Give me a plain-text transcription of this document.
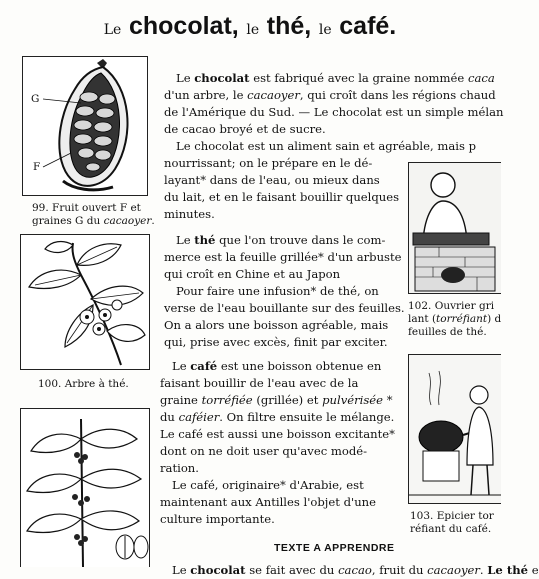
Le chocolat, le thé, le café.
G
F
99. Fruit ouvert F et
graines G du cacaoyer.
100. Arbre à thé.
102. Ouvrier gri
lant (torréfiant) d
feuilles de thé.
103. Epicier tor
réfiant du café.

Le chocolat est fabriqué avec la graine nommée caca

d'un arbre, le cacaoyer, qui croît dans les régions chaud

de l'Amérique du Sud. — Le chocolat est un simple mélan

de cacao broyé et de sucre.

Le chocolat est un aliment sain et agréable, mais p

nourrissant; on le prépare en le dé-

layant* dans de l'eau, ou mieux dans

du lait, et en le faisant bouillir quelques

minutes.

Le thé que l'on trouve dans le com-

merce est la feuille grillée* d'un arbuste

qui croît en Chine et au Japon

Pour faire une infusion* de thé, on

verse de l'eau bouillante sur des feuilles.

On a alors une boisson agréable, mais

qui, prise avec excès, finit par exciter.

Le café est une boisson obtenue en

faisant bouillir de l'eau avec de la

graine torréfiée (grillée) et pulvérisée *

du caféier. On filtre ensuite le mélange.

Le café est aussi une boisson excitante*

dont on ne doit user qu'avec modé-

ration.

Le café, originaire* d'Arabie, est

maintenant aux Antilles l'objet d'une

culture importante.

TEXTE A APPRENDRE

Le chocolat se fait avec du cacao, fruit du cacaoyer. Le thé e
